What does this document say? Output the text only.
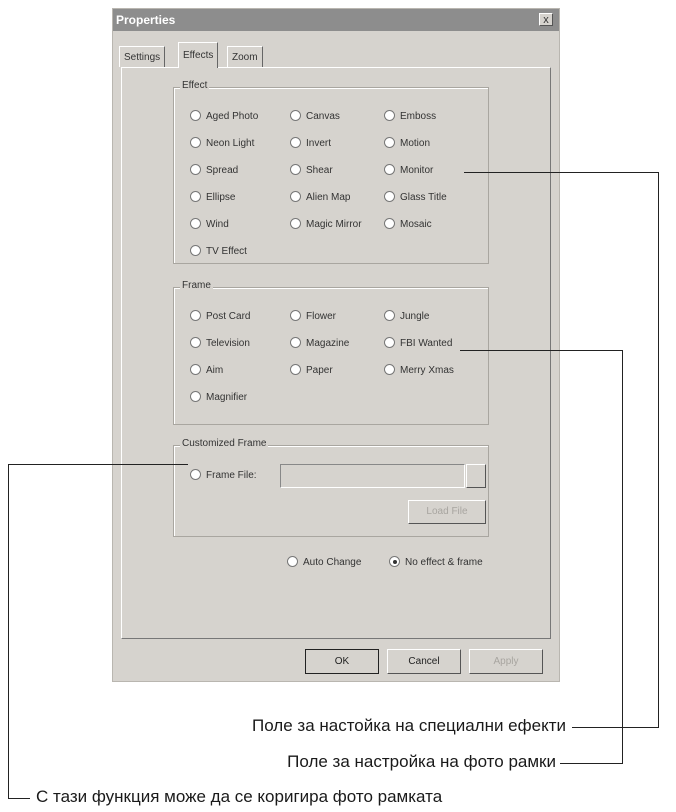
Properties	x
Settings	Effects	Zoom
Effect
Aged Photo	Canvas	Emboss
Neon Light	Invert	Motion
Spread	Shear	Monitor
Ellipse	Alien Map	Glass Title
Wind	Magic Mirror	Mosaic
TV Effect
Frame
Post Card	Flower	Jungle
Television	Magazine	FBI Wanted
Aim	Paper	Merry Xmas
Magnifier
Customized Frame
Frame File:
Load File
Auto Change	No effect & frame
OK	Cancel	Apply
Поле за настойка на специални ефекти
Поле за настройка на фото рамки
С тази функция може да се коригира фото рамката
